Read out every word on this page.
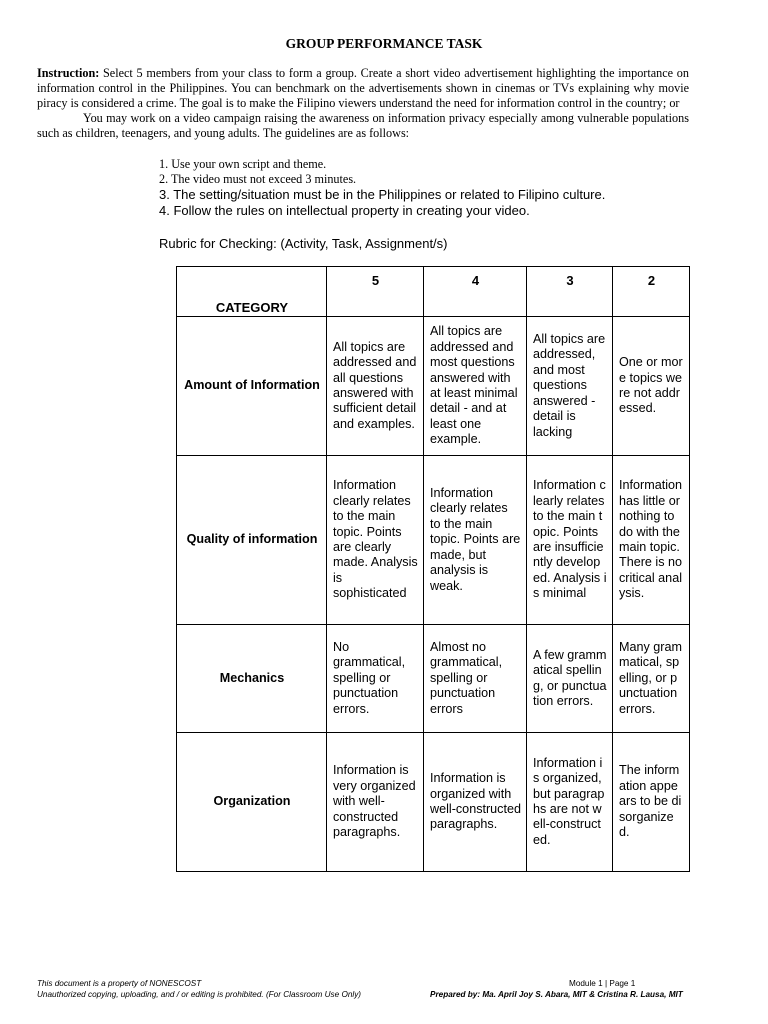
GROUP PERFORMANCE TASK

Instruction: Select 5 members from your class to form a group. Create a short video advertisement highlighting the importance on information control in the Philippines. You can benchmark on the advertisements shown in cinemas or TVs explaining why movie piracy is considered a crime. The goal is to make the Filipino viewers understand the need for information control in the country; or

You may work on a video campaign raising the awareness on information privacy especially among vulnerable populations such as children, teenagers, and young adults. The guidelines are as follows:

1. Use your own script and theme.
2. The video must not exceed 3 minutes.
3. The setting/situation must be in the Philippines or related to Filipino culture.
4. Follow the rules on intellectual property in creating your video.
Rubric for Checking: (Activity, Task, Assignment/s)
CATEGORY	5	4	3	2
Amount of Information	All topics are addressed and all questions answered with sufficient detail and examples.	All topics are addressed and most questions answered with at least minimal detail - and at least one example.	All topics are addressed, and most questions answered - detail is lacking	One or more topics were not addressed.
Quality of information	Information clearly relates to the main topic. Points are clearly made. Analysis is sophisticated	Information clearly relates to the main topic. Points are made, but analysis is weak.	Information clearly relates to the main topic. Points are insufficiently developed. Analysis is minimal	Information has little or nothing to do with the main topic. There is no critical analysis.
Mechanics	No grammatical, spelling or punctuation errors.	Almost no grammatical, spelling or punctuation errors	A few grammatical spelling, or punctuation errors.	Many grammatical, spelling, or punctuation errors.
Organization	Information is very organized with well-constructed paragraphs.	Information is organized with well-constructed paragraphs.	Information is organized, but paragraphs are not well-constructed.	The information appears to be disorganized.
This document is a property of NONESCOST	Module 1 | Page 1
Unauthorized copying, uploading, and / or editing is prohibited. (For Classroom Use Only)	Prepared by: Ma. April Joy S. Abara, MIT & Cristina R. Lausa, MIT
